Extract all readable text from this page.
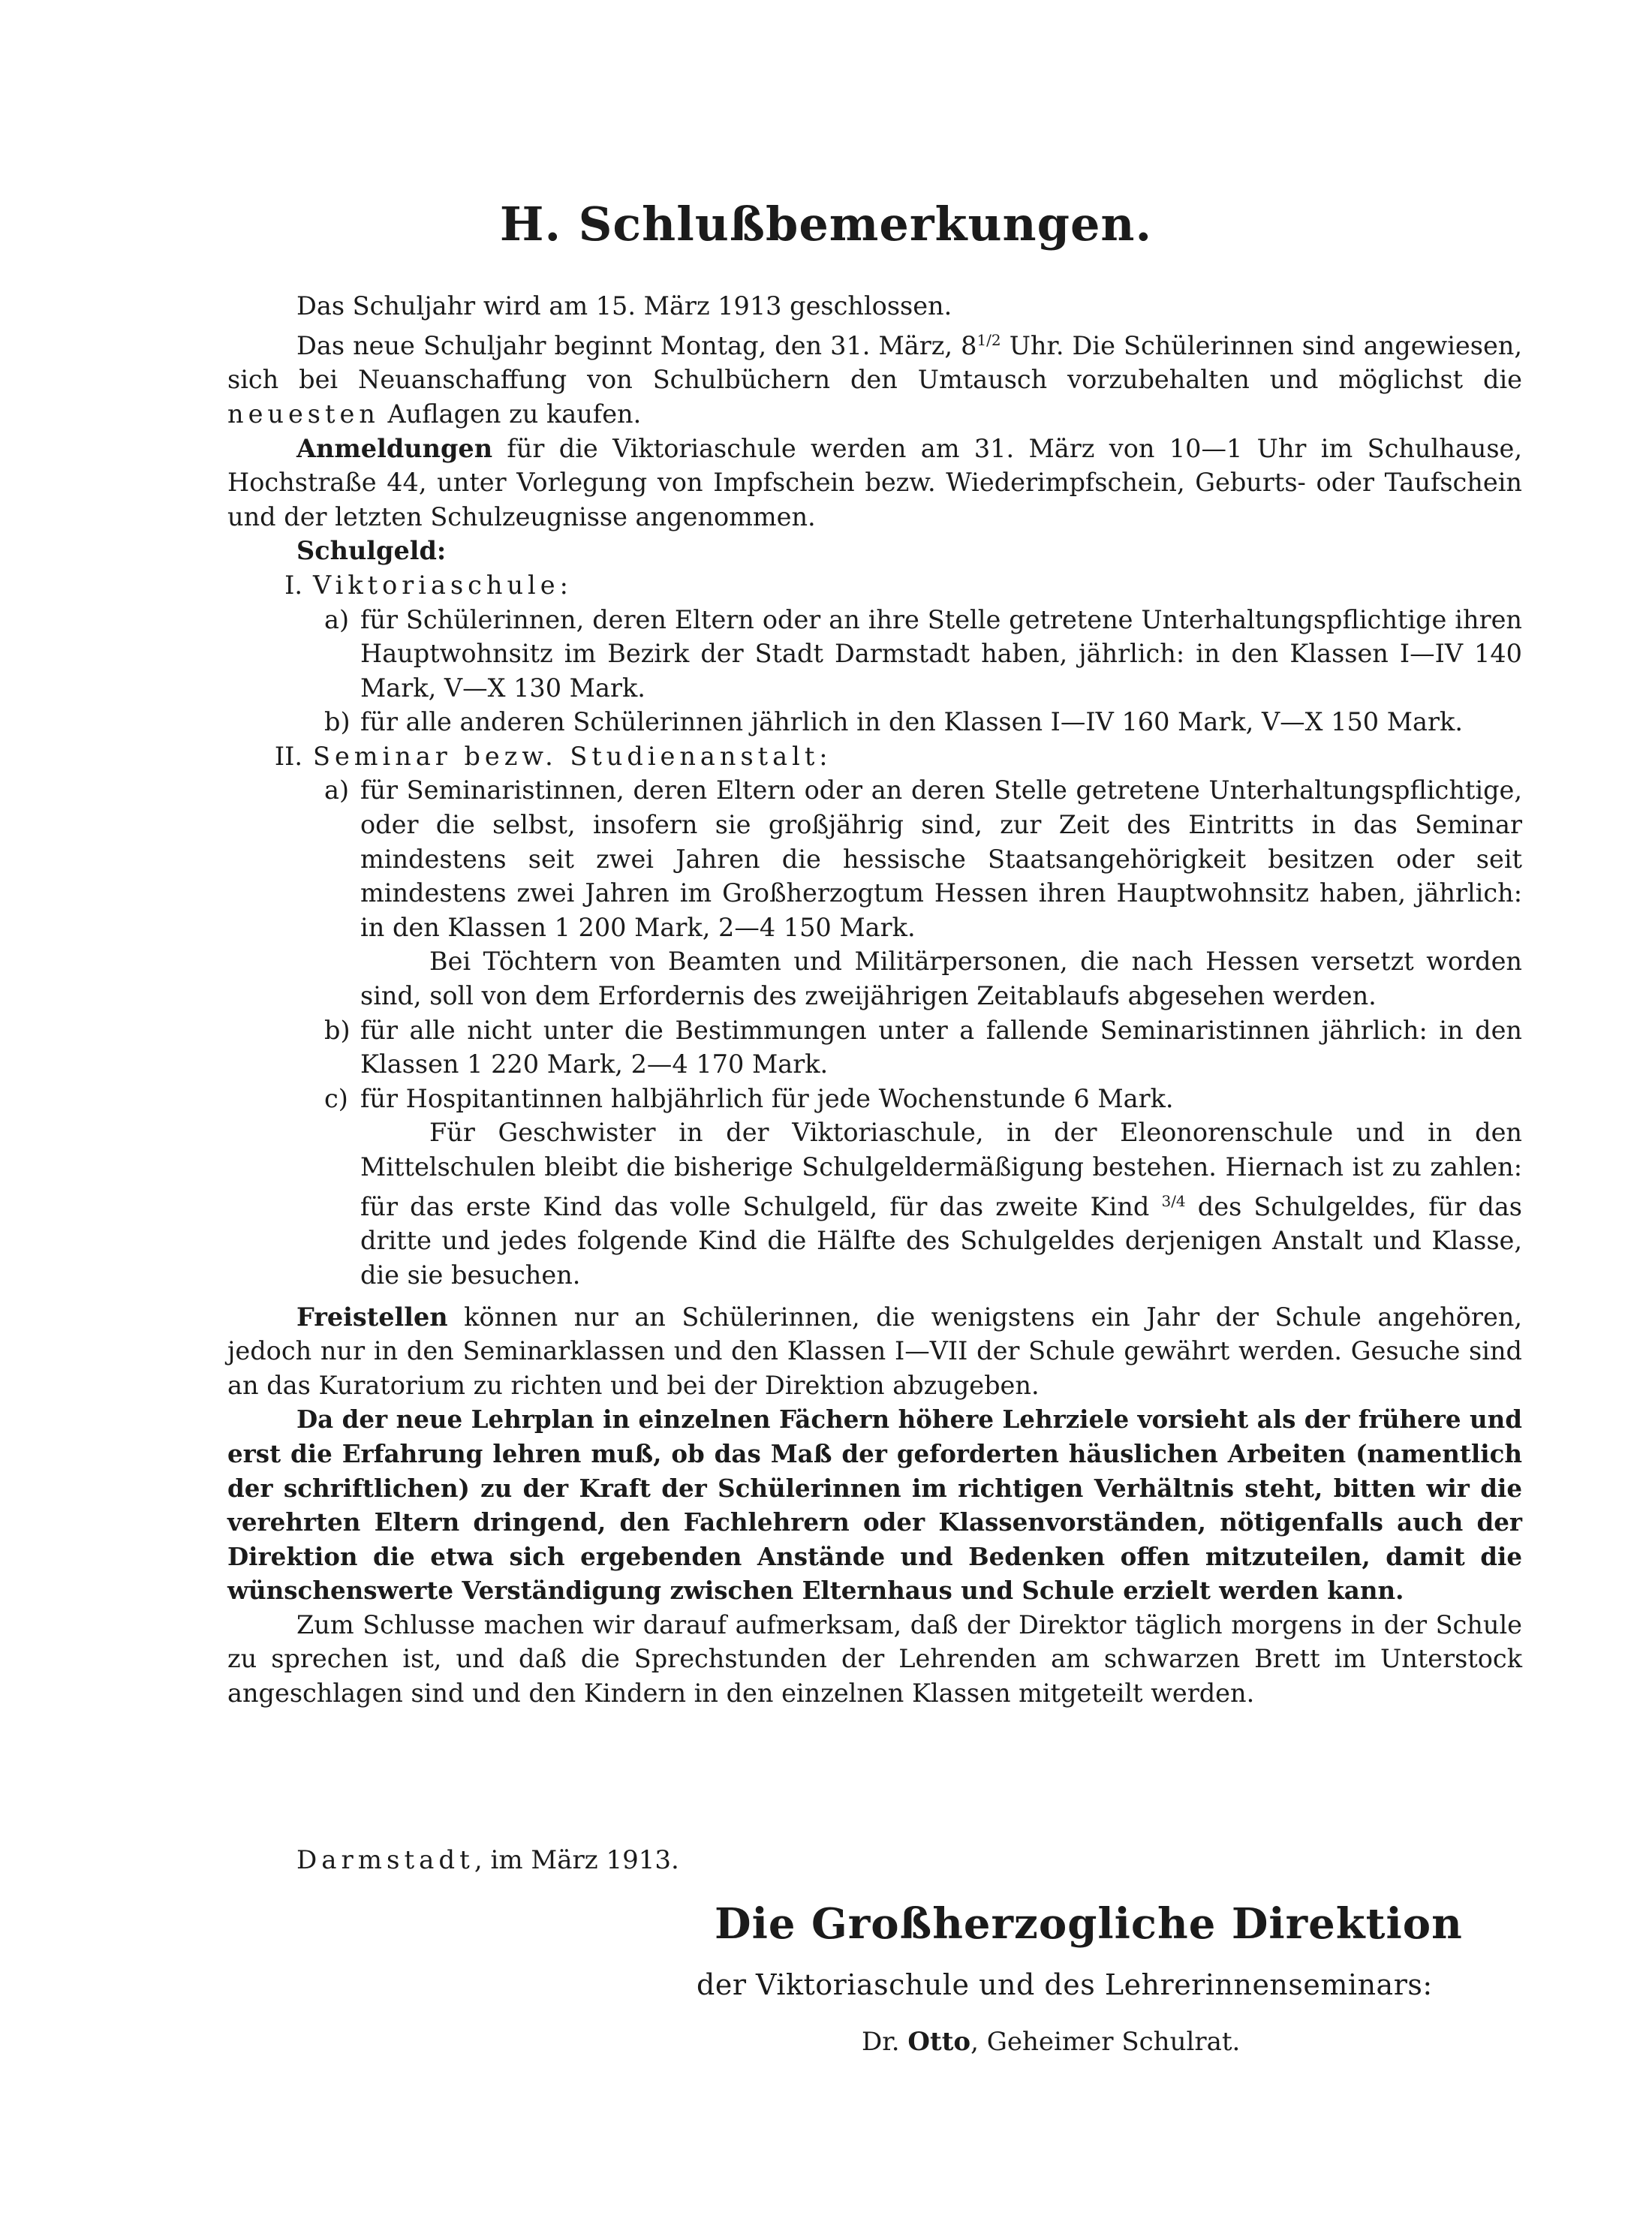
H. Schlußbemerkungen.

Das Schuljahr wird am 15. März 1913 geschlossen.

Das neue Schuljahr beginnt Montag, den 31. März, $8^{1/2}$ Uhr. Die Schülerinnen sind angewiesen, sich bei Neuanschaffung von Schulbüchern den Umtausch vorzubehalten und möglichst die neuesten Auflagen zu kaufen.

Anmeldungen für die Viktoriaschule werden am 31. März von 10—1 Uhr im Schulhause, Hochstraße 44, unter Vorlegung von Impfschein bezw. Wiederimpfschein, Geburts- oder Taufschein und der letzten Schulzeugnisse angenommen.

Schulgeld:

I. Viktoriaschule:
a) für Schülerinnen, deren Eltern oder an ihre Stelle getretene Unterhaltungspflichtige ihren Hauptwohnsitz im Bezirk der Stadt Darmstadt haben, jährlich: in den Klassen I—IV 140 Mark, V—X 130 Mark.
b) für alle anderen Schülerinnen jährlich in den Klassen I—IV 160 Mark, V—X 150 Mark.
II. Seminar bezw. Studienanstalt:
a) für Seminaristinnen, deren Eltern oder an deren Stelle getretene Unterhaltungspflichtige, oder die selbst, insofern sie großjährig sind, zur Zeit des Eintritts in das Seminar mindestens seit zwei Jahren die hessische Staatsangehörigkeit besitzen oder seit mindestens zwei Jahren im Großherzogtum Hessen ihren Hauptwohnsitz haben, jährlich: in den Klassen 1 200 Mark, 2—4 150 Mark.
Bei Töchtern von Beamten und Militärpersonen, die nach Hessen versetzt worden sind, soll von dem Erfordernis des zweijährigen Zeitablaufs abgesehen werden.
b) für alle nicht unter die Bestimmungen unter a fallende Seminaristinnen jährlich: in den Klassen 1 220 Mark, 2—4 170 Mark.
c) für Hospitantinnen halbjährlich für jede Wochenstunde 6 Mark.
Für Geschwister in der Viktoriaschule, in der Eleonorenschule und in den Mittelschulen bleibt die bisherige Schulgeldermäßigung bestehen. Hiernach ist zu zahlen: für das erste Kind das volle Schulgeld, für das zweite Kind $^{3/4}$ des Schulgeldes, für das dritte und jedes folgende Kind die Hälfte des Schulgeldes derjenigen Anstalt und Klasse, die sie besuchen.

Freistellen können nur an Schülerinnen, die wenigstens ein Jahr der Schule angehören, jedoch nur in den Seminarklassen und den Klassen I—VII der Schule gewährt werden. Gesuche sind an das Kuratorium zu richten und bei der Direktion abzugeben.

Da der neue Lehrplan in einzelnen Fächern höhere Lehrziele vorsieht als der frühere und erst die Erfahrung lehren muß, ob das Maß der geforderten häuslichen Arbeiten (namentlich der schriftlichen) zu der Kraft der Schülerinnen im richtigen Verhältnis steht, bitten wir die verehrten Eltern dringend, den Fachlehrern oder Klassenvorständen, nötigenfalls auch der Direktion die etwa sich ergebenden Anstände und Bedenken offen mitzuteilen, damit die wünschenswerte Verständigung zwischen Elternhaus und Schule erzielt werden kann.

Zum Schlusse machen wir darauf aufmerksam, daß der Direktor täglich morgens in der Schule zu sprechen ist, und daß die Sprechstunden der Lehrenden am schwarzen Brett im Unterstock angeschlagen sind und den Kindern in den einzelnen Klassen mitgeteilt werden.

Darmstadt, im März 1913.
Die Großherzogliche Direktion
der Viktoriaschule und des Lehrerinnenseminars:
Dr. Otto, Geheimer Schulrat.
